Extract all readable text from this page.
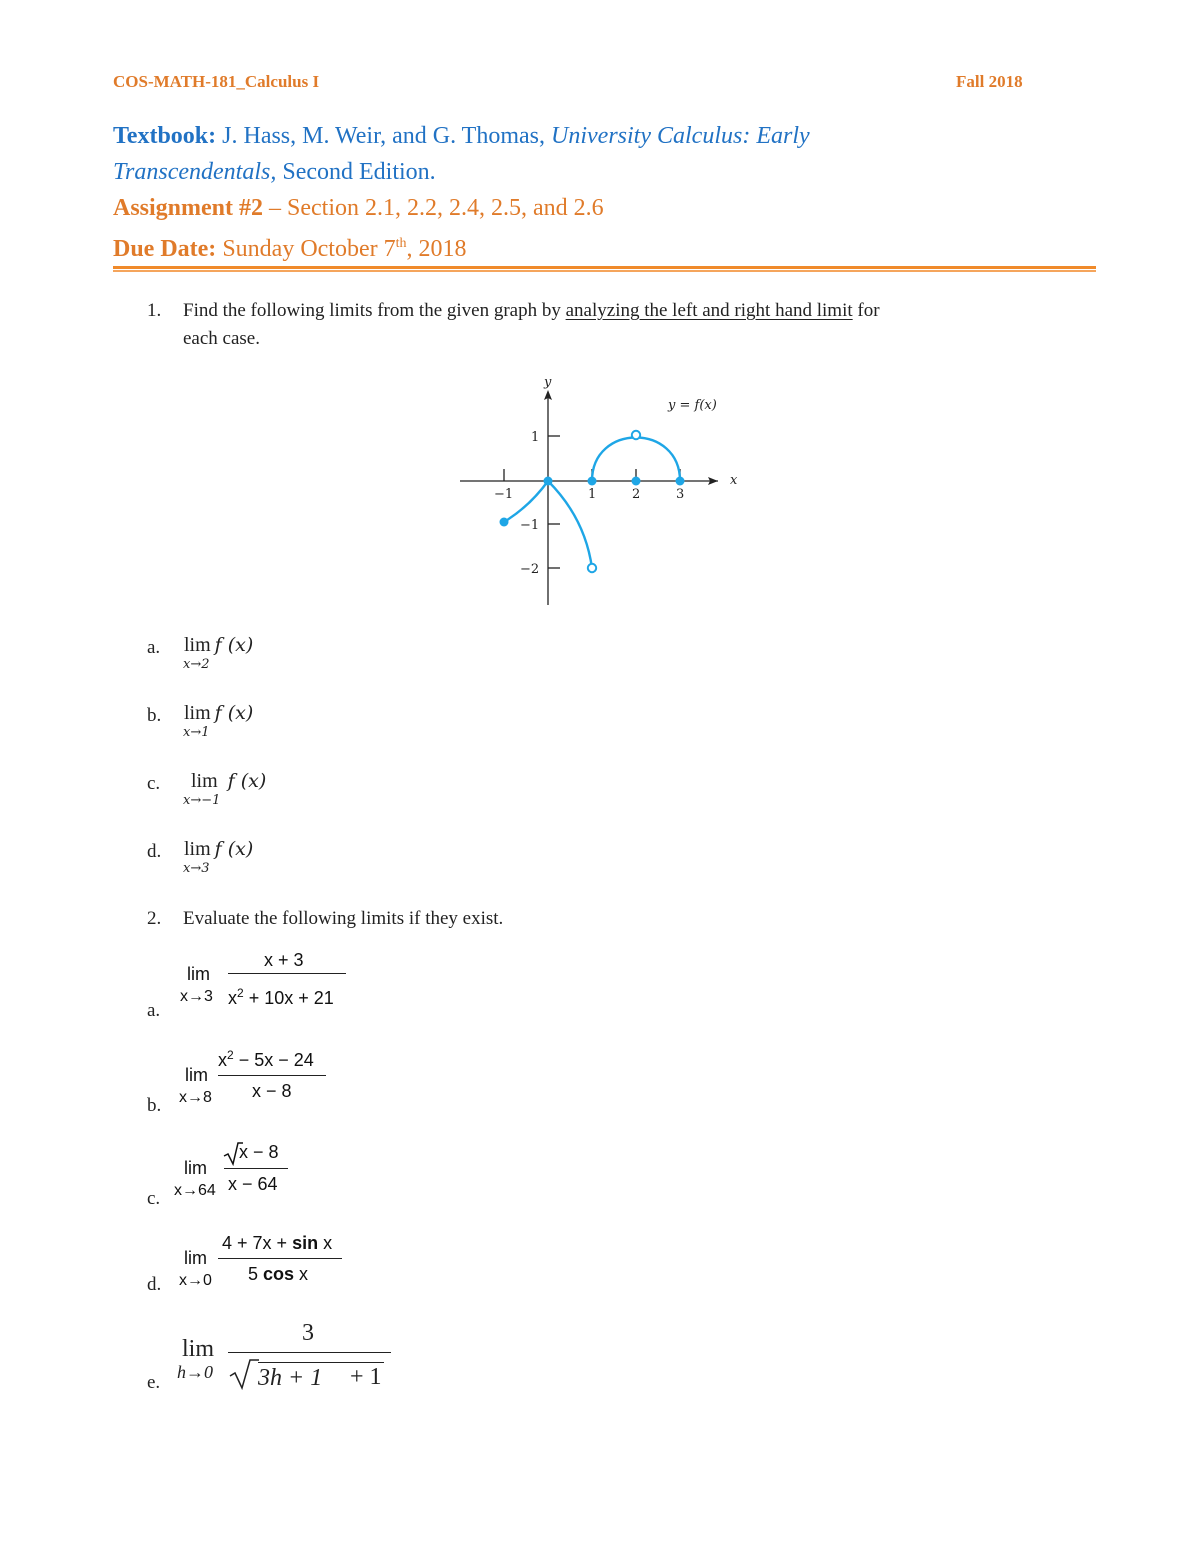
COS-MATH-181_Calculus I	Fall 2018
Textbook: J. Hass, M. Weir, and G. Thomas, University Calculus: Early
Transcendentals, Second Edition.
Assignment #2 – Section 2.1, 2.2, 2.4, 2.5, and 2.6
Due Date: Sunday October 7th, 2018
1. Find the following limits from the given graph by analyzing the left and right hand limit for
each case.
y = f(x)
x
y
−1	1	2	3
1
−1
−2
a. lim f (x)
x→2
b. lim f (x)
x→1
c. lim f (x)
x→−1
d. lim f (x)
x→3
2. Evaluate the following limits if they exist.
a.
lim
x→3
x + 3
$x^2 + 10x + 21$
b.
lim
x→8
$x^2 - 5x - 24$
x − 8
c.
lim
x→64
x − 8
x − 64
d.
lim
x→0
4 + 7x + sin x
5 cos x
e.
lim
h→0
3
3h + 1	+ 1
